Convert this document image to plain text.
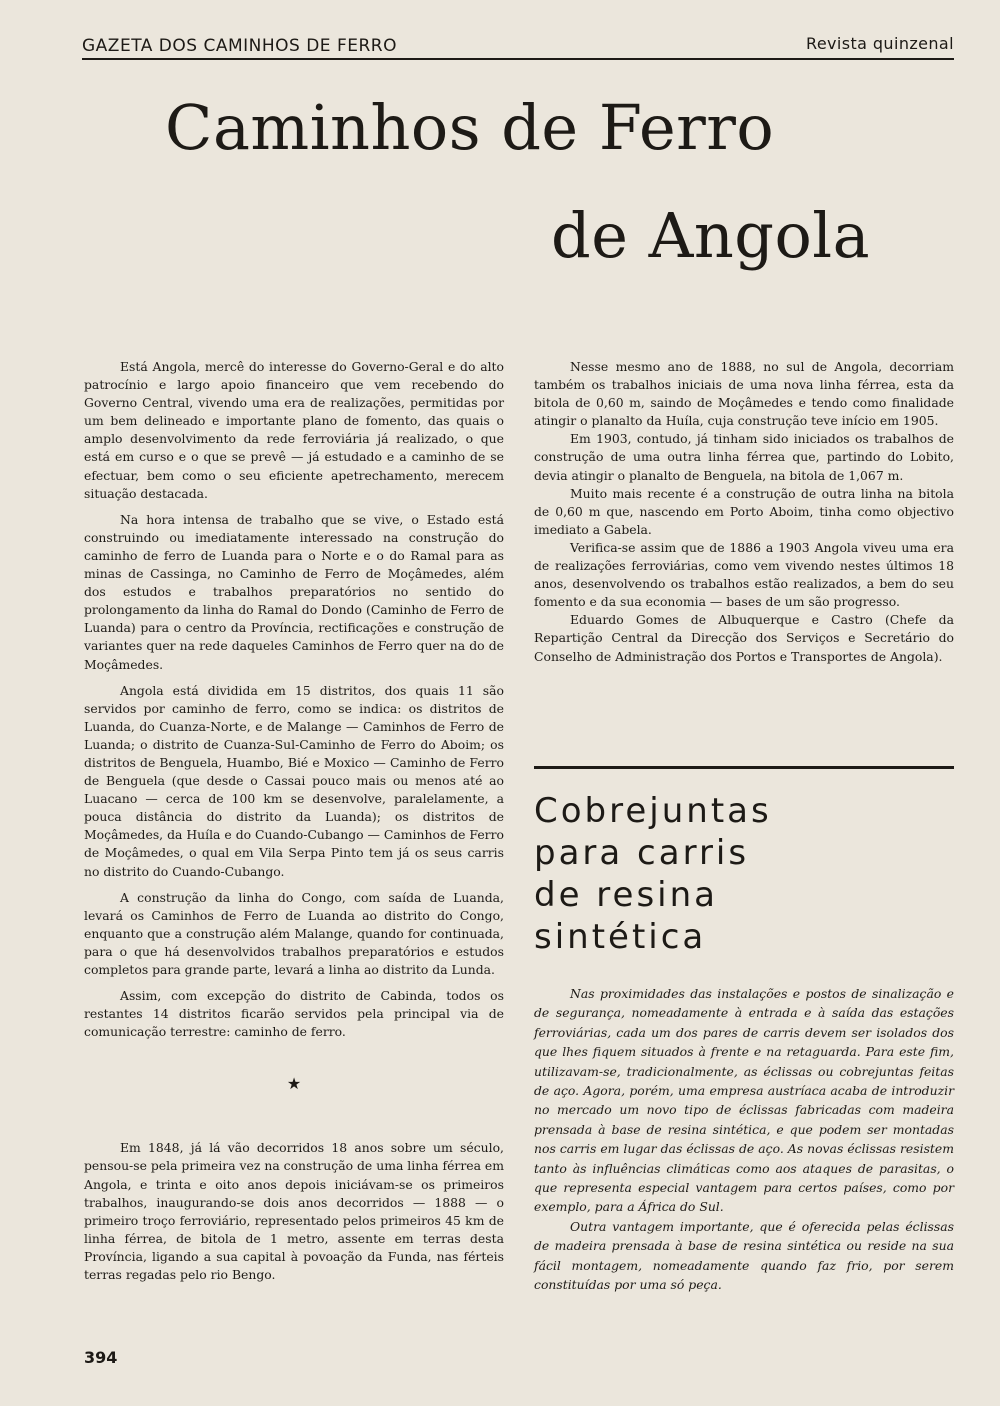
GAZETA DOS CAMINHOS DE FERRO	Revista quinzenal
Caminhos de Ferro
de Angola

Está Angola, mercê do interesse do Governo-Geral e do alto patrocínio e largo apoio financeiro que vem recebendo do Governo Central, vivendo uma era de realizações, permitidas por um bem delineado e importante plano de fomento, das quais o amplo desenvolvimento da rede ferroviária já realizado, o que está em curso e o que se prevê — já estudado e a caminho de se efectuar, bem como o seu eficiente apetrechamento, merecem situação destacada.

Na hora intensa de trabalho que se vive, o Estado está construindo ou imediatamente interessado na construção do caminho de ferro de Luanda para o Norte e o do Ramal para as minas de Cassinga, no Caminho de Ferro de Moçâmedes, além dos estudos e trabalhos preparatórios no sentido do prolongamento da linha do Ramal do Dondo (Caminho de Ferro de Luanda) para o centro da Província, rectificações e construção de variantes quer na rede daqueles Caminhos de Ferro quer na do de Moçâmedes.

Angola está dividida em 15 distritos, dos quais 11 são servidos por caminho de ferro, como se indica: os distritos de Luanda, do Cuanza-Norte, e de Malange — Caminhos de Ferro de Luanda; o distrito de Cuanza-Sul-Caminho de Ferro do Aboim; os distritos de Benguela, Huambo, Bié e Moxico — Caminho de Ferro de Benguela (que desde o Cassai pouco mais ou menos até ao Luacano — cerca de 100 km se desenvolve, paralelamente, a pouca distância do distrito da Luanda); os distritos de Moçâmedes, da Huíla e do Cuando-Cubango — Caminhos de Ferro de Moçâmedes, o qual em Vila Serpa Pinto tem já os seus carris no distrito do Cuando-Cubango.

A construção da linha do Congo, com saída de Luanda, levará os Caminhos de Ferro de Luanda ao distrito do Congo, enquanto que a construção além Malange, quando for continuada, para o que há desenvolvidos trabalhos preparatórios e estudos completos para grande parte, levará a linha ao distrito da Lunda.

Assim, com excepção do distrito de Cabinda, todos os restantes 14 distritos ficarão servidos pela principal via de comunicação terrestre: caminho de ferro.

★

Em 1848, já lá vão decorridos 18 anos sobre um século, pensou-se pela primeira vez na construção de uma linha férrea em Angola, e trinta e oito anos depois iniciávam-se os primeiros trabalhos, inaugurando-se dois anos decorridos — 1888 — o primeiro troço ferroviário, representado pelos primeiros 45 km de linha férrea, de bitola de 1 metro, assente em terras desta Província, ligando a sua capital à povoação da Funda, nas férteis terras regadas pelo rio Bengo.

Nesse mesmo ano de 1888, no sul de Angola, decorriam também os trabalhos iniciais de uma nova linha férrea, esta da bitola de 0,60 m, saindo de Moçâmedes e tendo como finalidade atingir o planalto da Huíla, cuja construção teve início em 1905.

Em 1903, contudo, já tinham sido iniciados os trabalhos de construção de uma outra linha férrea que, partindo do Lobito, devia atingir o planalto de Benguela, na bitola de 1,067 m.

Muito mais recente é a construção de outra linha na bitola de 0,60 m que, nascendo em Porto Aboim, tinha como objectivo imediato a Gabela.

Verifica-se assim que de 1886 a 1903 Angola viveu uma era de realizações ferroviárias, como vem vivendo nestes últimos 18 anos, desenvolvendo os trabalhos estão realizados, a bem do seu fomento e da sua economia — bases de um são progresso.

Eduardo Gomes de Albuquerque e Castro (Chefe da Repartição Central da Direcção dos Serviços e Secretário do Conselho de Administração dos Portos e Transportes de Angola).

Cobrejuntas
para carris
de resina
sintética

Nas proximidades das instalações e postos de sinalização e de segurança, nomeadamente à entrada e à saída das estações ferroviárias, cada um dos pares de carris devem ser isolados dos que lhes fiquem situados à frente e na retaguarda. Para este fim, utilizavam-se, tradicionalmente, as éclissas ou cobrejuntas feitas de aço. Agora, porém, uma empresa austríaca acaba de introduzir no mercado um novo tipo de éclissas fabricadas com madeira prensada à base de resina sintética, e que podem ser montadas nos carris em lugar das éclissas de aço. As novas éclissas resistem tanto às influências climáticas como aos ataques de parasitas, o que representa especial vantagem para certos países, como por exemplo, para a África do Sul.

Outra vantagem importante, que é oferecida pelas éclissas de madeira prensada à base de resina sintética ou reside na sua fácil montagem, nomeadamente quando faz frio, por serem constituídas por uma só peça.

394
